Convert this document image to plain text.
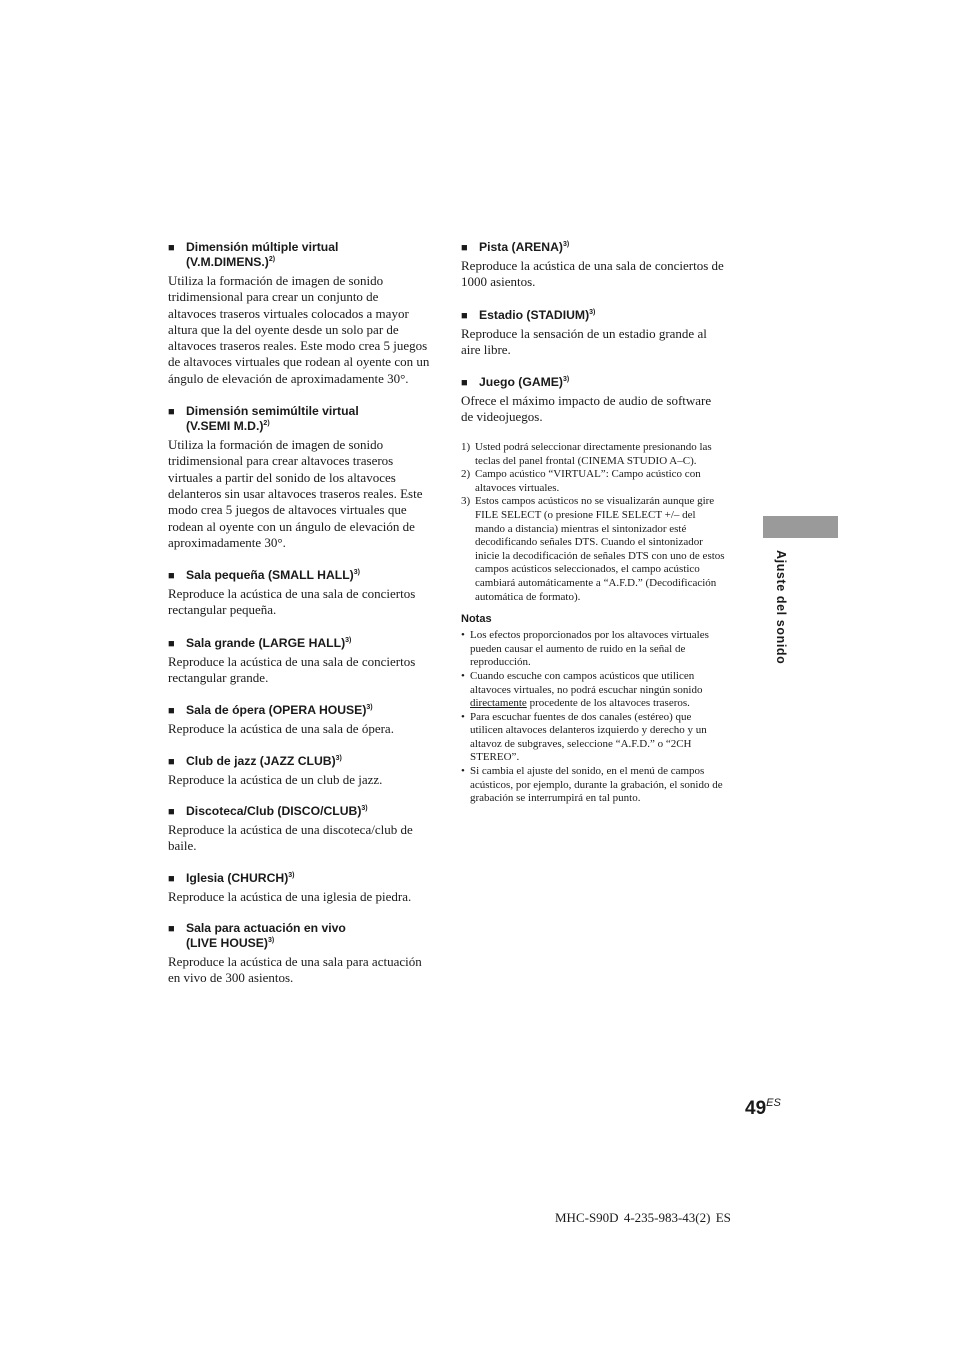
■ Dimensión múltiple virtual
(V.M.DIMENS.)$^{2)}$

Utiliza la formación de imagen de sonido tridimensional para crear un conjunto de altavoces traseros virtuales colocados a mayor altura que la del oyente desde un solo par de altavoces traseros reales. Este modo crea 5 juegos de altavoces virtuales que rodean al oyente con un ángulo de elevación de aproximadamente 30°.

■ Dimensión semimúltile virtual
(V.SEMI M.D.)$^{2)}$

Utiliza la formación de imagen de sonido tridimensional para crear altavoces traseros virtuales a partir del sonido de los altavoces delanteros sin usar altavoces traseros reales. Este modo crea 5 juegos de altavoces virtuales que rodean al oyente con un ángulo de elevación de aproximadamente 30°.

■ Sala pequeña (SMALL HALL)$^{3)}$

Reproduce la acústica de una sala de conciertos rectangular pequeña.

■ Sala grande (LARGE HALL)$^{3)}$

Reproduce la acústica de una sala de conciertos rectangular grande.

■ Sala de ópera (OPERA HOUSE)$^{3)}$

Reproduce la acústica de una sala de ópera.

■ Club de jazz (JAZZ CLUB)$^{3)}$

Reproduce la acústica de un club de jazz.

■ Discoteca/Club (DISCO/CLUB)$^{3)}$

Reproduce la acústica de una discoteca/club de baile.

■ Iglesia (CHURCH)$^{3)}$

Reproduce la acústica de una iglesia de piedra.

■ Sala para actuación en vivo
(LIVE HOUSE)$^{3)}$

Reproduce la acústica de una sala para actuación en vivo de 300 asientos.

■ Pista (ARENA)$^{3)}$

Reproduce la acústica de una sala de conciertos de 1000 asientos.

■ Estadio (STADIUM)$^{3)}$

Reproduce la sensación de un estadio grande al aire libre.

■ Juego (GAME)$^{3)}$

Ofrece el máximo impacto de audio de software de videojuegos.

1) Usted podrá seleccionar directamente presionando las teclas del panel frontal (CINEMA STUDIO A–C).

2) Campo acústico “VIRTUAL”: Campo acústico con altavoces virtuales.

3) Estos campos acústicos no se visualizarán aunque gire FILE SELECT (o presione FILE SELECT +/– del mando a distancia) mientras el sintonizador esté decodificando señales DTS. Cuando el sintonizador inicie la decodificación de señales DTS con uno de estos campos acústicos seleccionados, el campo acústico cambiará automáticamente a “A.F.D.” (Decodificación automática de formato).

Notas

• Los efectos proporcionados por los altavoces virtuales pueden causar el aumento de ruido en la señal de reproducción.

• Cuando escuche con campos acústicos que utilicen altavoces virtuales, no podrá escuchar ningún sonido directamente procedente de los altavoces traseros.

• Para escuchar fuentes de dos canales (estéreo) que utilicen altavoces delanteros izquierdo y derecho y un altavoz de subgraves, seleccione “A.F.D.” o “2CH STEREO”.

• Si cambia el ajuste del sonido, en el menú de campos acústicos, por ejemplo, durante la grabación, el sonido de grabación se interrumpirá en tal punto.

Ajuste del sonido
$49^{ES}$
MHC-S90D 4-235-983-43(2) ES
